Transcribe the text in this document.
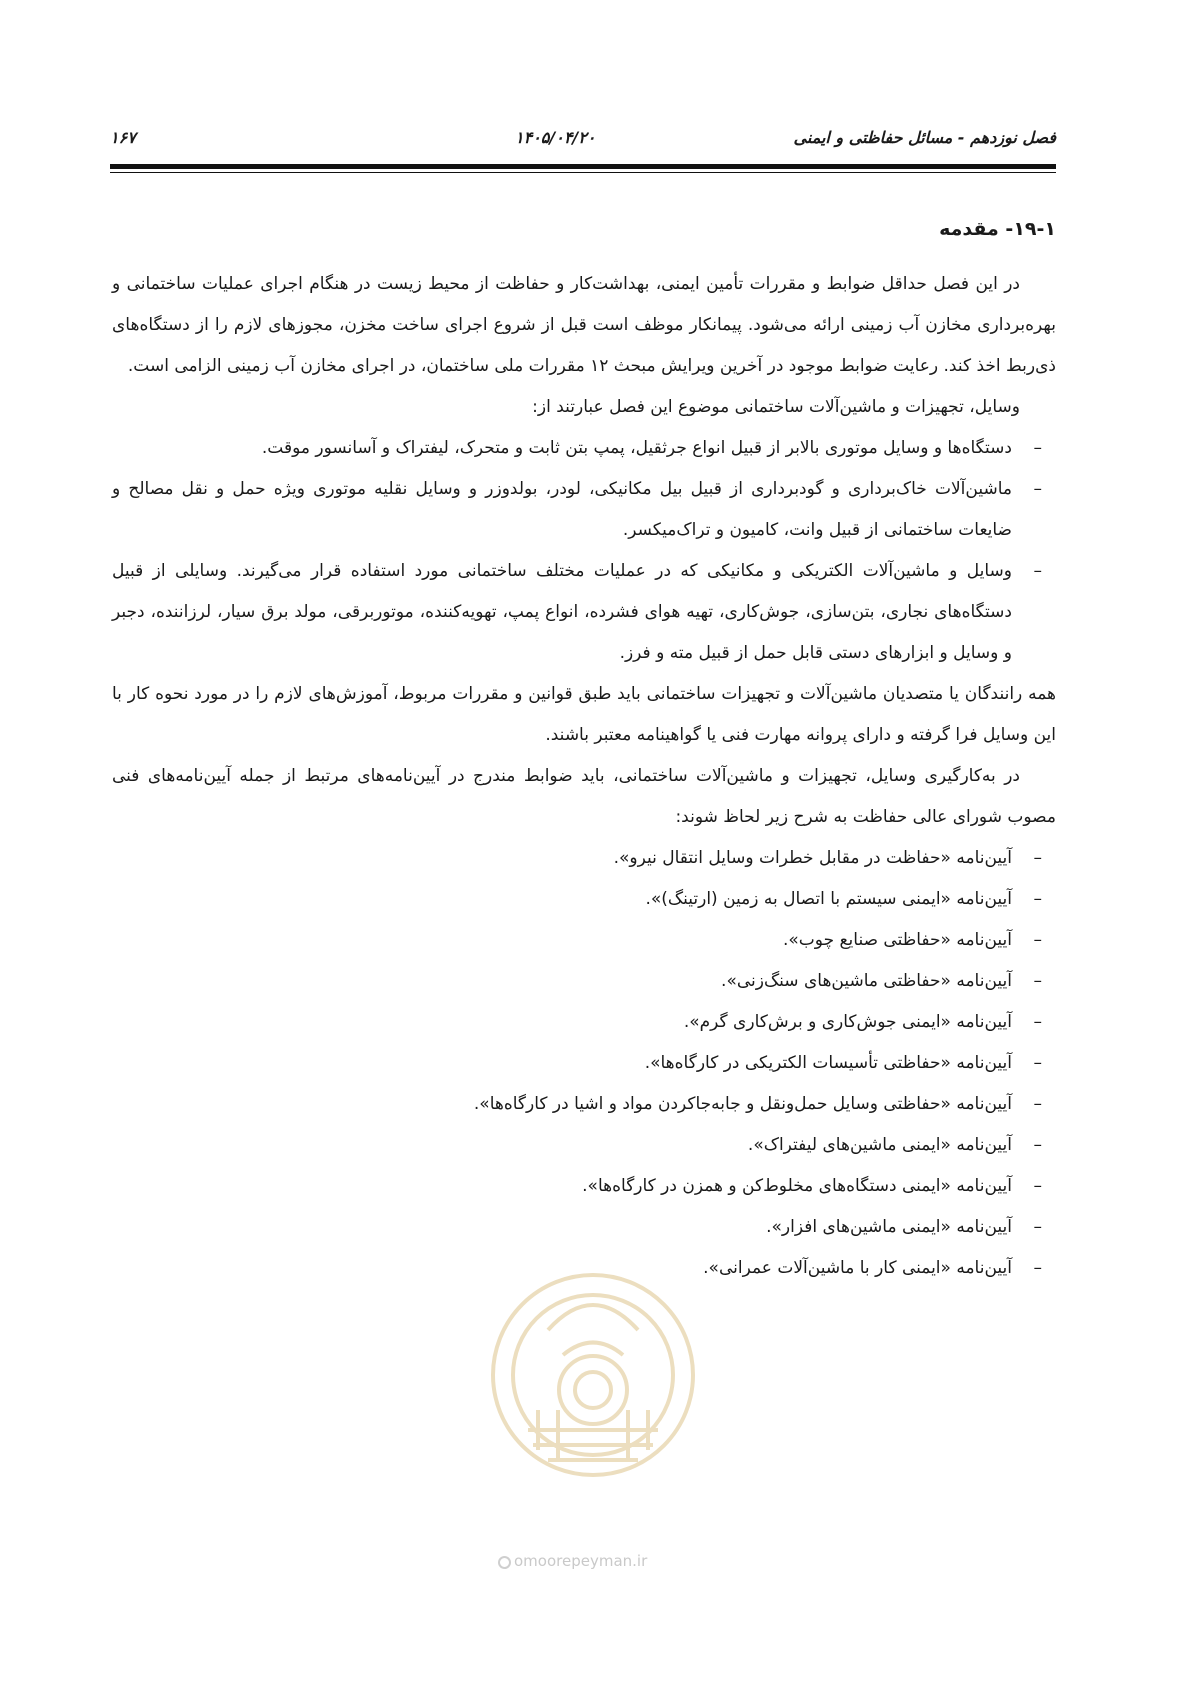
فصل نوزدهم - مسائل حفاظتی و ایمنی
۱۴۰۵/۰۴/۲۰
۱۶۷
۱۹-۱- مقدمه

در این فصل حداقل ضوابط و مقررات تأمین ایمنی، بهداشت‌کار و حفاظت از محیط زیست در هنگام اجرای عملیات ساختمانی و بهره‌برداری مخازن آب زمینی ارائه می‌شود. پیمانکار موظف است قبل از شروع اجرای ساخت مخزن، مجوزهای لازم را از دستگاه‌های ذی‌ربط اخذ کند. رعایت ضوابط موجود در آخرین ویرایش مبحث ۱۲ مقررات ملی ساختمان، در اجرای مخازن آب زمینی الزامی است.

وسایل، تجهیزات و ماشین‌آلات ساختمانی موضوع این فصل عبارتند از:

–
دستگاه‌ها و وسایل موتوری بالابر از قبیل انواع جرثقیل، پمپ بتن ثابت و متحرک، لیفتراک و آسانسور موقت.
–
ماشین‌آلات خاک‌برداری و گودبرداری از قبیل بیل مکانیکی، لودر، بولدوزر و وسایل نقلیه موتوری ویژه حمل و نقل مصالح و ضایعات ساختمانی از قبیل وانت، کامیون و تراک‌میکسر.
–
وسایل و ماشین‌آلات الکتریکی و مکانیکی که در عملیات مختلف ساختمانی مورد استفاده قرار می‌گیرند. وسایلی از قبیل دستگاه‌های نجاری، بتن‌سازی، جوش‌کاری، تهیه هوای فشرده، انواع پمپ، تهویه‌کننده، موتوربرقی، مولد برق سیار، لرزاننده، دجبر و وسایل و ابزارهای دستی قابل حمل از قبیل مته و فرز.

همه رانندگان یا متصدیان ماشین‌آلات و تجهیزات ساختمانی باید طبق قوانین و مقررات مربوط، آموزش‌های لازم را در مورد نحوه کار با این وسایل فرا گرفته و دارای پروانه مهارت فنی یا گواهینامه معتبر باشند.

در به‌کارگیری وسایل، تجهیزات و ماشین‌آلات ساختمانی، باید ضوابط مندرج در آیین‌نامه‌های مرتبط از جمله آیین‌نامه‌های فنی مصوب شورای عالی حفاظت به شرح زیر لحاظ شوند:

–
آیین‌نامه «حفاظت در مقابل خطرات وسایل انتقال نیرو».
–
آیین‌نامه «ایمنی سیستم با اتصال به زمین (ارتینگ)».
–
آیین‌نامه «حفاظتی صنایع چوب».
–
آیین‌نامه «حفاظتی ماشین‌های سنگ‌زنی».
–
آیین‌نامه «ایمنی جوش‌کاری و برش‌کاری گرم».
–
آیین‌نامه «حفاظتی تأسیسات الکتریکی در کارگاه‌ها».
–
آیین‌نامه «حفاظتی وسایل حمل‌ونقل و جابه‌جاکردن مواد و اشیا در کارگاه‌ها».
–
آیین‌نامه «ایمنی ماشین‌های لیفتراک».
–
آیین‌نامه «ایمنی دستگاه‌های مخلوط‌کن و همزن در کارگاه‌ها».
–
آیین‌نامه «ایمنی ماشین‌های افزار».
–
آیین‌نامه «ایمنی کار با ماشین‌آلات عمرانی».
omoorepeyman.ir
